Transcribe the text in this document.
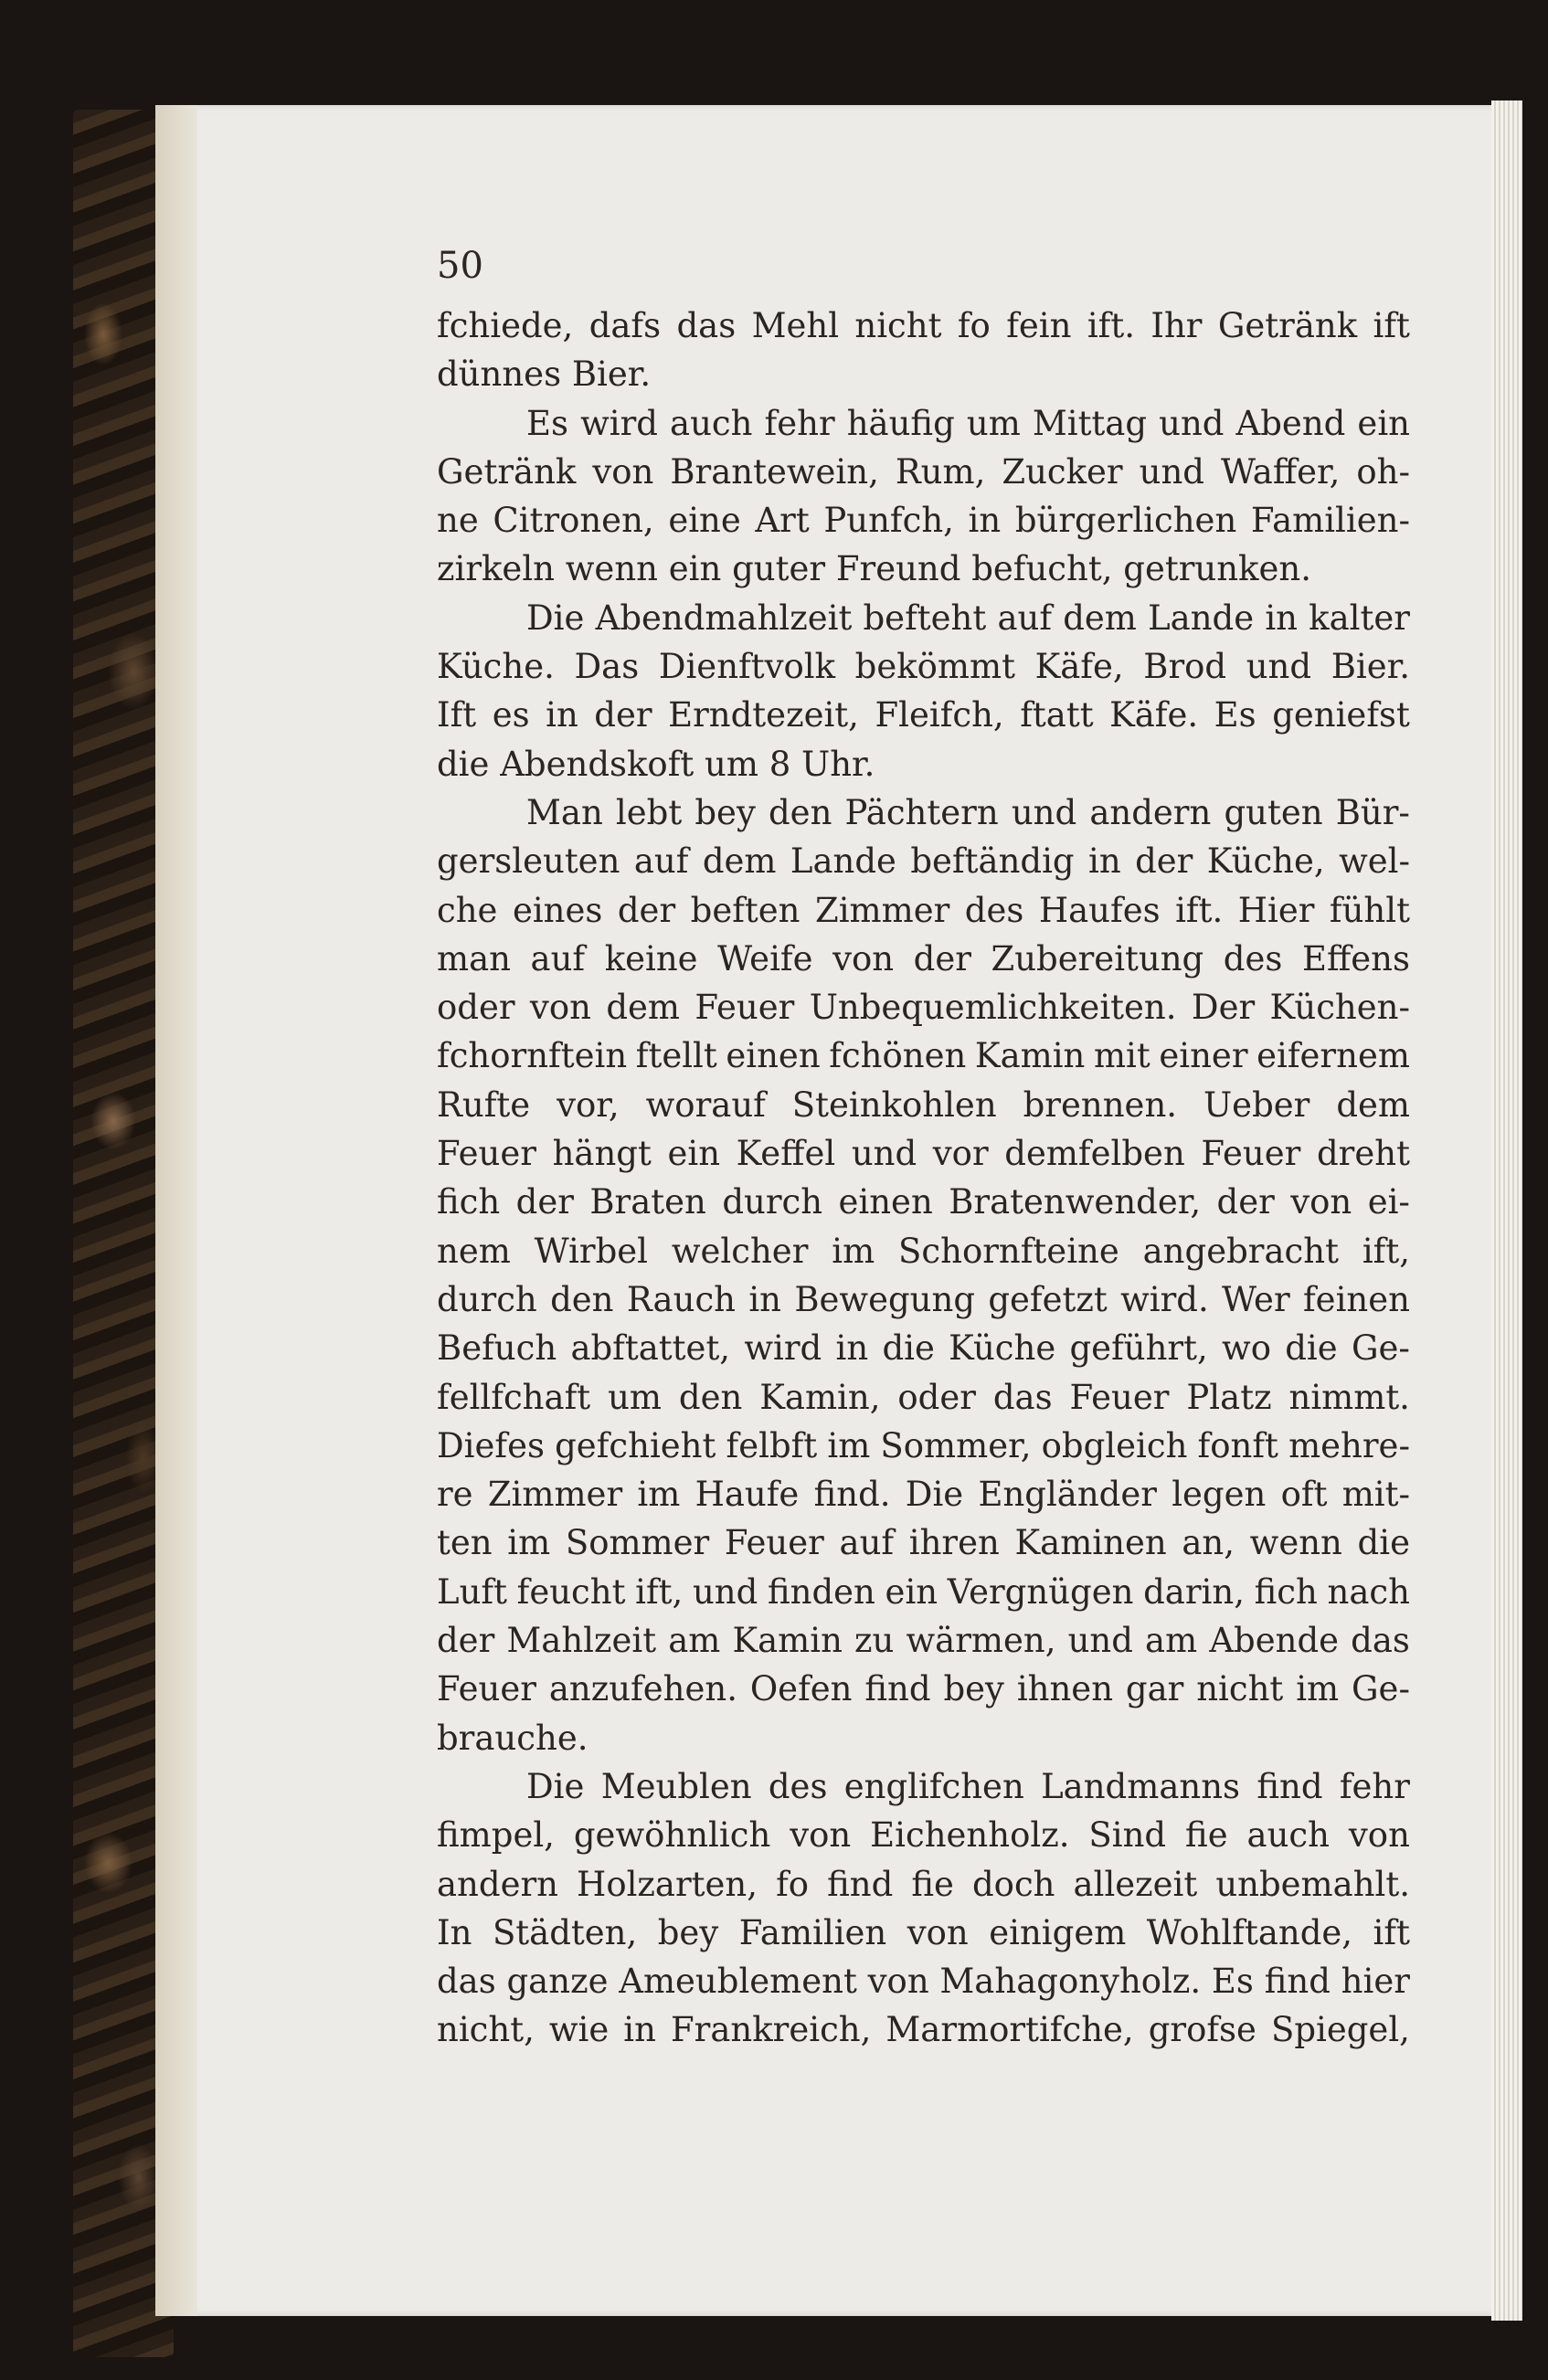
50
fchiede, dafs das Mehl nicht fo fein ift. Ihr Getränk ift
dünnes Bier.
Es wird auch fehr häufig um Mittag und Abend ein
Getränk von Brantewein, Rum, Zucker und Waffer, oh-
ne Citronen, eine Art Punfch, in bürgerlichen Familien-
zirkeln wenn ein guter Freund befucht, getrunken.
Die Abendmahlzeit befteht auf dem Lande in kalter
Küche. Das Dienftvolk bekömmt Käfe, Brod und Bier.
Ift es in der Erndtezeit, Fleifch, ftatt Käfe. Es geniefst
die Abendskoft um 8 Uhr.
Man lebt bey den Pächtern und andern guten Bür-
gersleuten auf dem Lande beftändig in der Küche, wel-
che eines der beften Zimmer des Haufes ift. Hier fühlt
man auf keine Weife von der Zubereitung des Effens
oder von dem Feuer Unbequemlichkeiten. Der Küchen-
fchornftein ftellt einen fchönen Kamin mit einer eifernem
Rufte vor, worauf Steinkohlen brennen. Ueber dem
Feuer hängt ein Keffel und vor demfelben Feuer dreht
fich der Braten durch einen Bratenwender, der von ei-
nem Wirbel welcher im Schornfteine angebracht ift,
durch den Rauch in Bewegung gefetzt wird. Wer feinen
Befuch abftattet, wird in die Küche geführt, wo die Ge-
fellfchaft um den Kamin, oder das Feuer Platz nimmt.
Diefes gefchieht felbft im Sommer, obgleich fonft mehre-
re Zimmer im Haufe find. Die Engländer legen oft mit-
ten im Sommer Feuer auf ihren Kaminen an, wenn die
Luft feucht ift, und finden ein Vergnügen darin, fich nach
der Mahlzeit am Kamin zu wärmen, und am Abende das
Feuer anzufehen. Oefen find bey ihnen gar nicht im Ge-
brauche.
Die Meublen des englifchen Landmanns find fehr
fimpel, gewöhnlich von Eichenholz. Sind fie auch von
andern Holzarten, fo find fie doch allezeit unbemahlt.
In Städten, bey Familien von einigem Wohlftande, ift
das ganze Ameublement von Mahagonyholz. Es find hier
nicht, wie in Frankreich, Marmortifche, grofse Spiegel,
